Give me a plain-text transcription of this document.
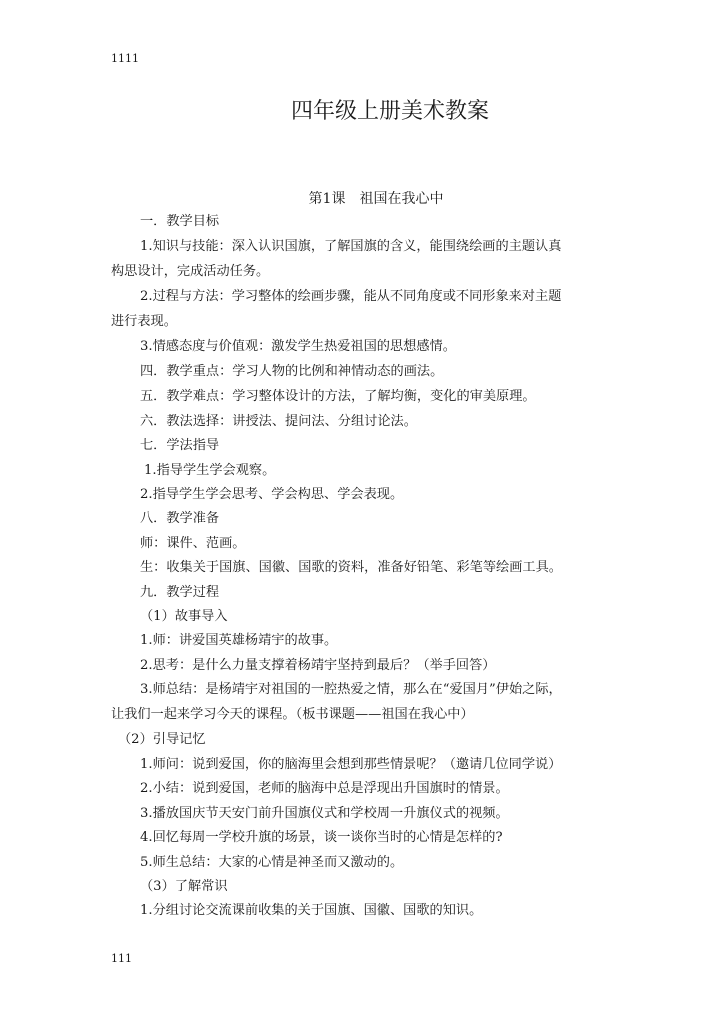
1111
四年级上册美术教案
第1课　祖国在我心中
一．教学目标
1.知识与技能：深入认识国旗，了解国旗的含义，能围绕绘画的主题认真
构思设计，完成活动任务。
2.过程与方法：学习整体的绘画步骤，能从不同角度或不同形象来对主题
进行表现。
3.情感态度与价值观：激发学生热爱祖国的思想感情。
四．教学重点：学习人物的比例和神情动态的画法。
五．教学难点：学习整体设计的方法，了解均衡，变化的审美原理。
六．教法选择：讲授法、提问法、分组讨论法。
七．学法指导
1.指导学生学会观察。
2.指导学生学会思考、学会构思、学会表现。
八．教学准备
师：课件、范画。
生：收集关于国旗、国徽、国歌的资料，准备好铅笔、彩笔等绘画工具。
九．教学过程
（1）故事导入
1.师：讲爱国英雄杨靖宇的故事。
2.思考：是什么力量支撑着杨靖宇坚持到最后？（举手回答）
3.师总结：是杨靖宇对祖国的一腔热爱之情，那么在“爱国月”伊始之际，
让我们一起来学习今天的课程。（板书课题——祖国在我心中）
（2）引导记忆
1.师问：说到爱国，你的脑海里会想到那些情景呢？（邀请几位同学说）
2.小结：说到爱国，老师的脑海中总是浮现出升国旗时的情景。
3.播放国庆节天安门前升国旗仪式和学校周一升旗仪式的视频。
4.回忆每周一学校升旗的场景，谈一谈你当时的心情是怎样的?
5.师生总结：大家的心情是神圣而又激动的。
（3）了解常识
1.分组讨论交流课前收集的关于国旗、国徽、国歌的知识。
111
